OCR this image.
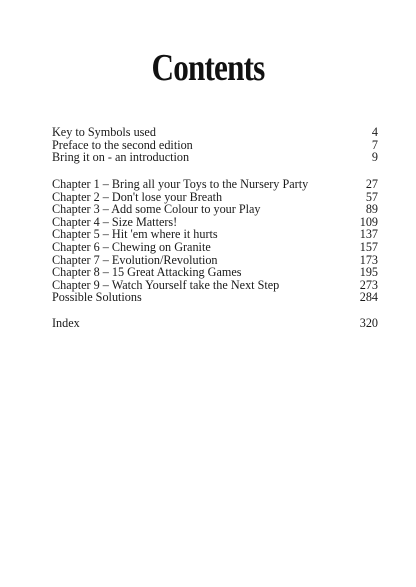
Contents
Key to Symbols used	4
Preface to the second edition	7
Bring it on - an introduction	9
Chapter 1 – Bring all your Toys to the Nursery Party	27
Chapter 2 – Don't lose your Breath	57
Chapter 3 – Add some Colour to your Play	89
Chapter 4 – Size Matters!	109
Chapter 5 – Hit 'em where it hurts	137
Chapter 6 – Chewing on Granite	157
Chapter 7 – Evolution/Revolution	173
Chapter 8 – 15 Great Attacking Games	195
Chapter 9 – Watch Yourself take the Next Step	273
Possible Solutions	284
Index	320
